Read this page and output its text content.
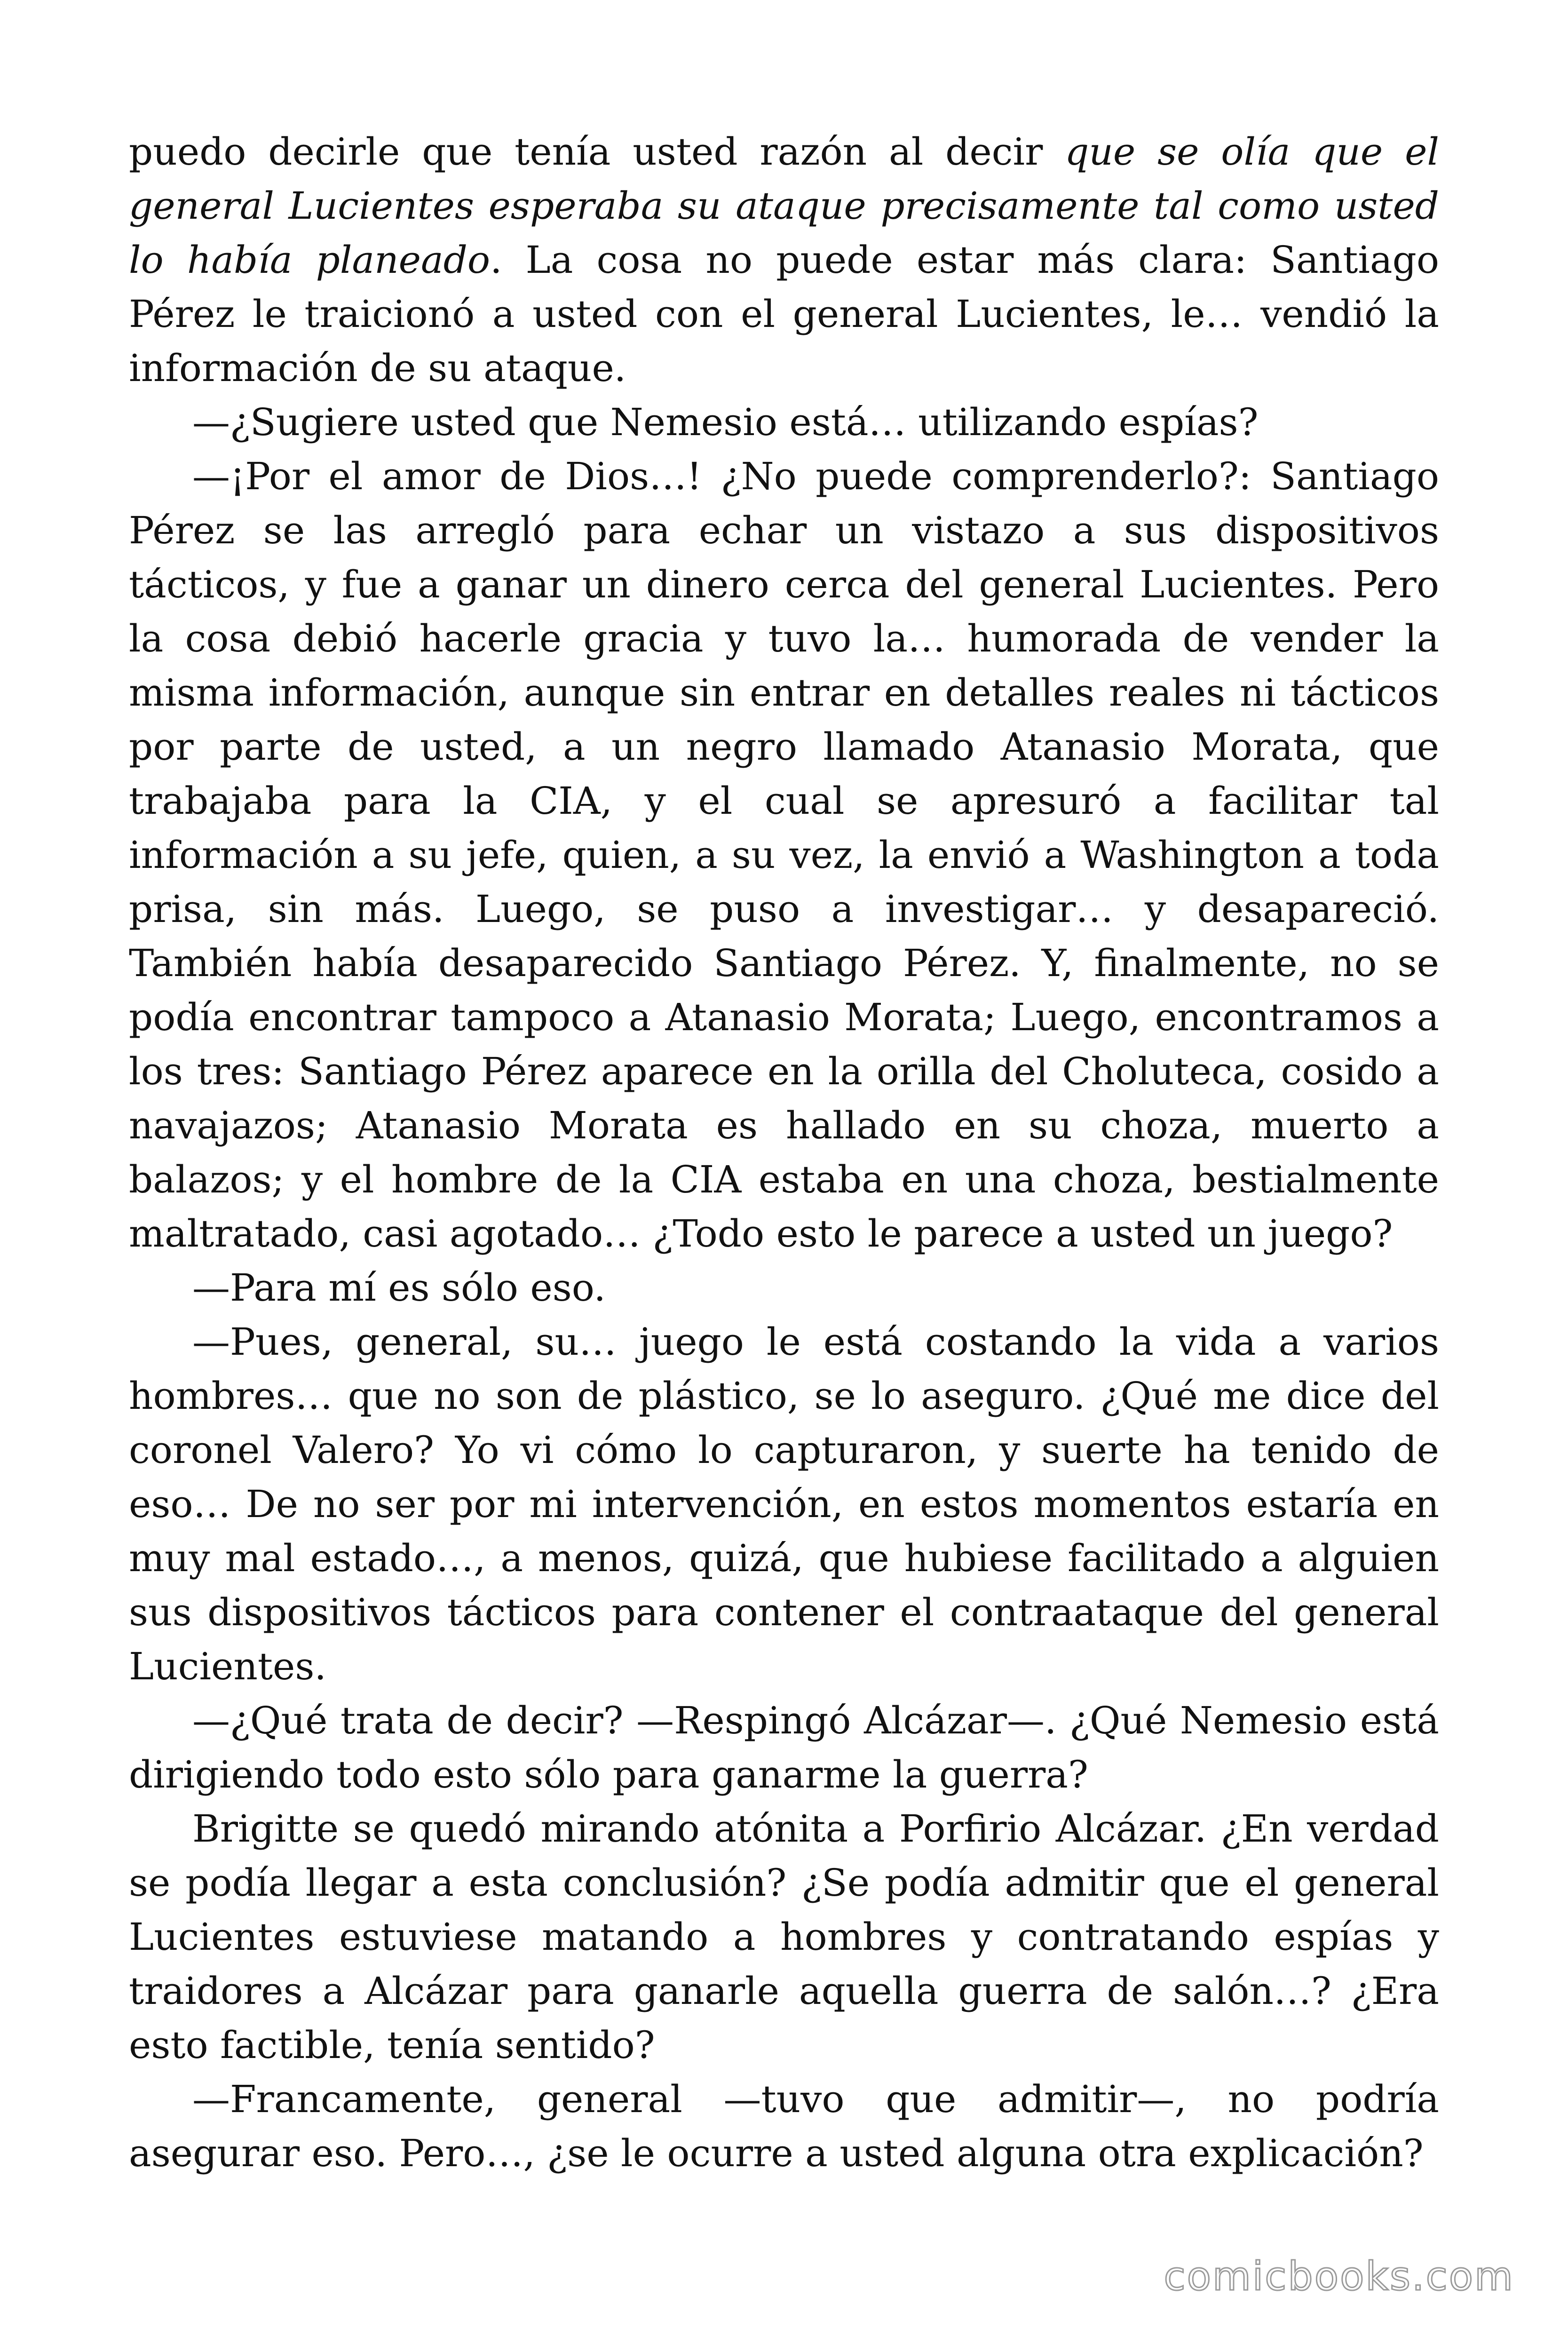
puedo decirle que tenía usted razón al decir que se olía que el general Lucientes esperaba su ataque precisamente tal como usted lo había planeado. La cosa no puede estar más clara: Santiago Pérez le traicionó a usted con el general Lucientes, le… vendió la información de su ataque.

—¿Sugiere usted que Nemesio está… utilizando espías?

—¡Por el amor de Dios…! ¿No puede comprenderlo?: Santiago Pérez se las arregló para echar un vistazo a sus dispositivos tácticos, y fue a ganar un dinero cerca del general Lucientes. Pero la cosa debió hacerle gracia y tuvo la… humorada de vender la misma información, aunque sin entrar en detalles reales ni tácticos por parte de usted, a un negro llamado Atanasio Morata, que trabajaba para la CIA, y el cual se apresuró a facilitar tal información a su jefe, quien, a su vez, la envió a Washington a toda prisa, sin más. Luego, se puso a investigar… y desapareció. También había desaparecido Santiago Pérez. Y, finalmente, no se podía encontrar tampoco a Atanasio Morata; Luego, encontramos a los tres: Santiago Pérez aparece en la orilla del Choluteca, cosido a navajazos; Atanasio Morata es hallado en su choza, muerto a balazos; y el hombre de la CIA estaba en una choza, bestialmente maltratado, casi agotado… ¿Todo esto le parece a usted un juego?

—Para mí es sólo eso.

—Pues, general, su… juego le está costando la vida a varios hombres… que no son de plástico, se lo aseguro. ¿Qué me dice del coronel Valero? Yo vi cómo lo capturaron, y suerte ha tenido de eso… De no ser por mi intervención, en estos momentos estaría en muy mal estado…, a menos, quizá, que hubiese facilitado a alguien sus dispositivos tácticos para contener el contraataque del general Lucientes.

—¿Qué trata de decir? —Respingó Alcázar—. ¿Qué Nemesio está dirigiendo todo esto sólo para ganarme la guerra?

Brigitte se quedó mirando atónita a Porfirio Alcázar. ¿En verdad se podía llegar a esta conclusión? ¿Se podía admitir que el general Lucientes estuviese matando a hombres y contratando espías y traidores a Alcázar para ganarle aquella guerra de salón…? ¿Era esto factible, tenía sentido?

—Francamente, general —tuvo que admitir—, no podría asegurar eso. Pero…, ¿se le ocurre a usted alguna otra explicación?

comicbooks.com
